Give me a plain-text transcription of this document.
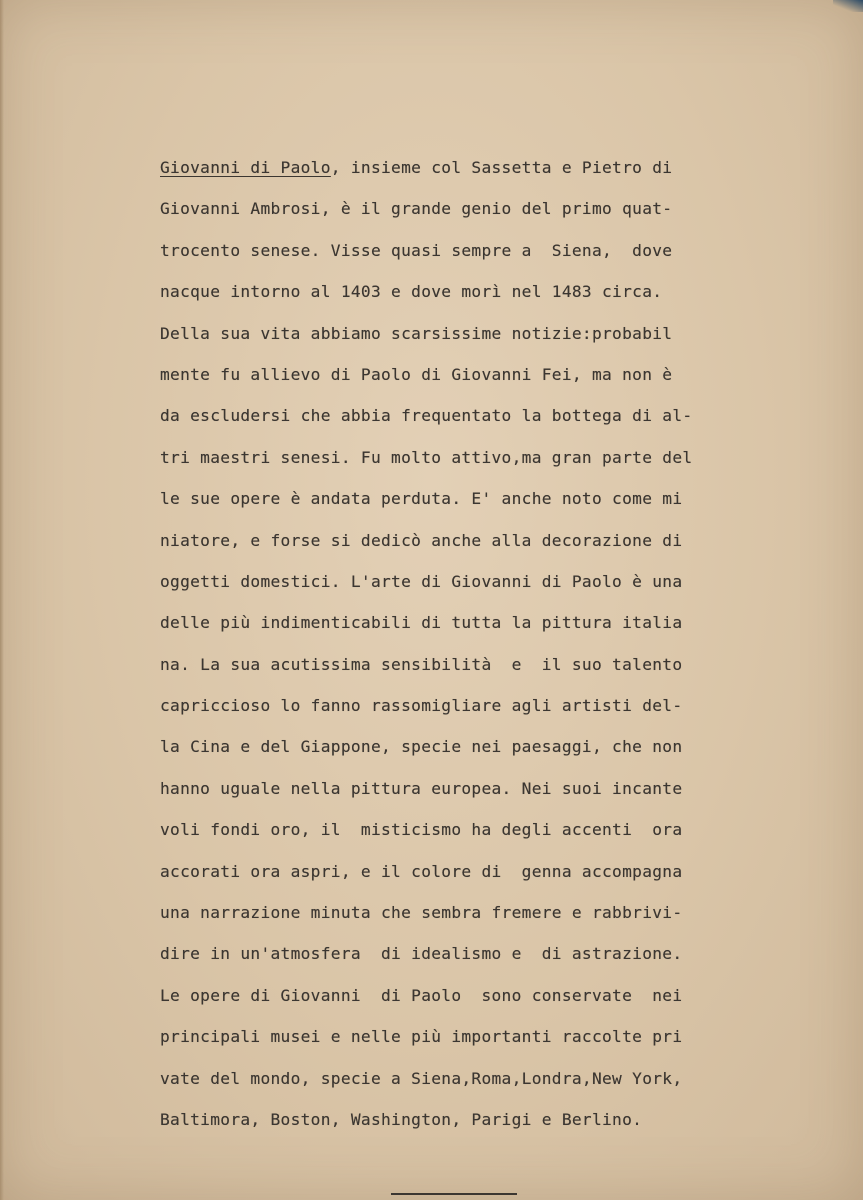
Giovanni di Paolo, insieme col Sassetta e Pietro di
Giovanni Ambrosi, è il grande genio del primo quat-
trocento senese. Visse quasi sempre a  Siena,  dove
nacque intorno al 1403 e dove morì nel 1483 circa.
Della sua vita abbiamo scarsissime notizie:probabil
mente fu allievo di Paolo di Giovanni Fei, ma non è
da escludersi che abbia frequentato la bottega di al-
tri maestri senesi. Fu molto attivo,ma gran parte del
le sue opere è andata perduta. E' anche noto come mi
niatore, e forse si dedicò anche alla decorazione di
oggetti domestici. L'arte di Giovanni di Paolo è una
delle più indimenticabili di tutta la pittura italia
na. La sua acutissima sensibilità  e  il suo talento
capriccioso lo fanno rassomigliare agli artisti del-
la Cina e del Giappone, specie nei paesaggi, che non
hanno uguale nella pittura europea. Nei suoi incante
voli fondi oro, il  misticismo ha degli accenti  ora
accorati ora aspri, e il colore di  genna accompagna
una narrazione minuta che sembra fremere e rabbrivi-
dire in un'atmosfera  di idealismo e  di astrazione.
Le opere di Giovanni  di Paolo  sono conservate  nei
principali musei e nelle più importanti raccolte pri
vate del mondo, specie a Siena,Roma,Londra,New York,
Baltimora, Boston, Washington, Parigi e Berlino.
